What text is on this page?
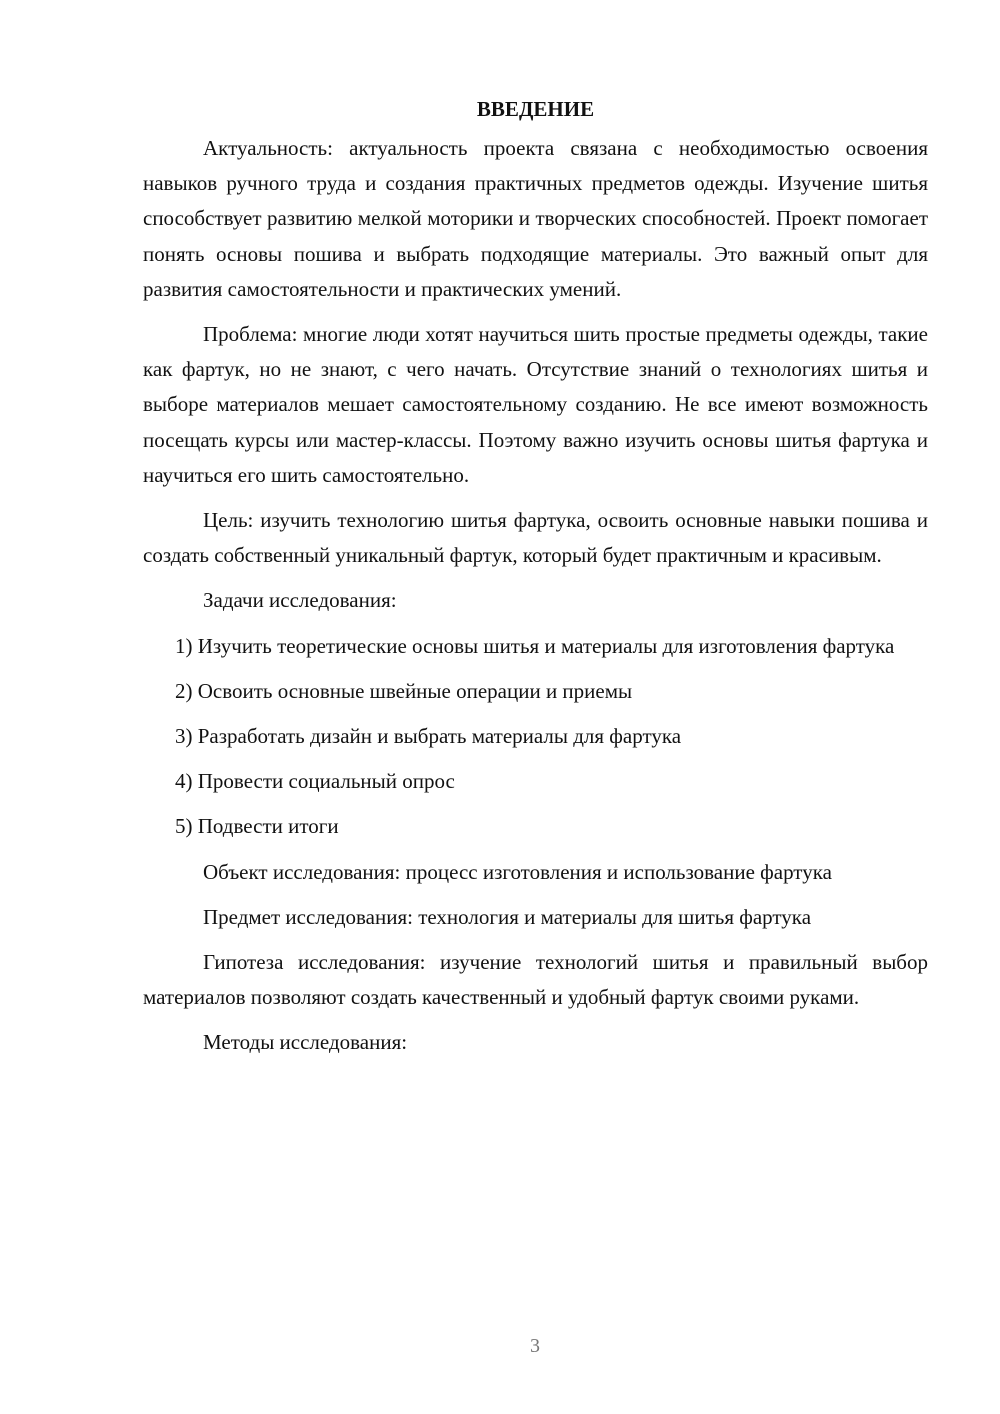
ВВЕДЕНИЕ

Актуальность: актуальность проекта связана с необходимостью освоения навыков ручного труда и создания практичных предметов одежды. Изучение шитья способствует развитию мелкой моторики и творческих способностей. Проект помогает понять основы пошива и выбрать подходящие материалы. Это важный опыт для развития самостоятельности и практических умений.

Проблема: многие люди хотят научиться шить простые предметы одежды, такие как фартук, но не знают, с чего начать. Отсутствие знаний о технологиях шитья и выборе материалов мешает самостоятельному созданию. Не все имеют возможность посещать курсы или мастер-классы. Поэтому важно изучить основы шитья фартука и научиться его шить самостоятельно.

Цель: изучить технологию шитья фартука, освоить основные навыки пошива и создать собственный уникальный фартук, который будет практичным и красивым.

Задачи исследования:

1) Изучить теоретические основы шитья и материалы для изготовления фартука

2) Освоить основные швейные операции и приемы

3) Разработать дизайн и выбрать материалы для фартука

4) Провести социальный опрос

5) Подвести итоги

Объект исследования: процесс изготовления и использование фартука

Предмет исследования: технология и материалы для шитья фартука

Гипотеза исследования: изучение технологий шитья и правильный выбор материалов позволяют создать качественный и удобный фартук своими руками.

Методы исследования:

3
